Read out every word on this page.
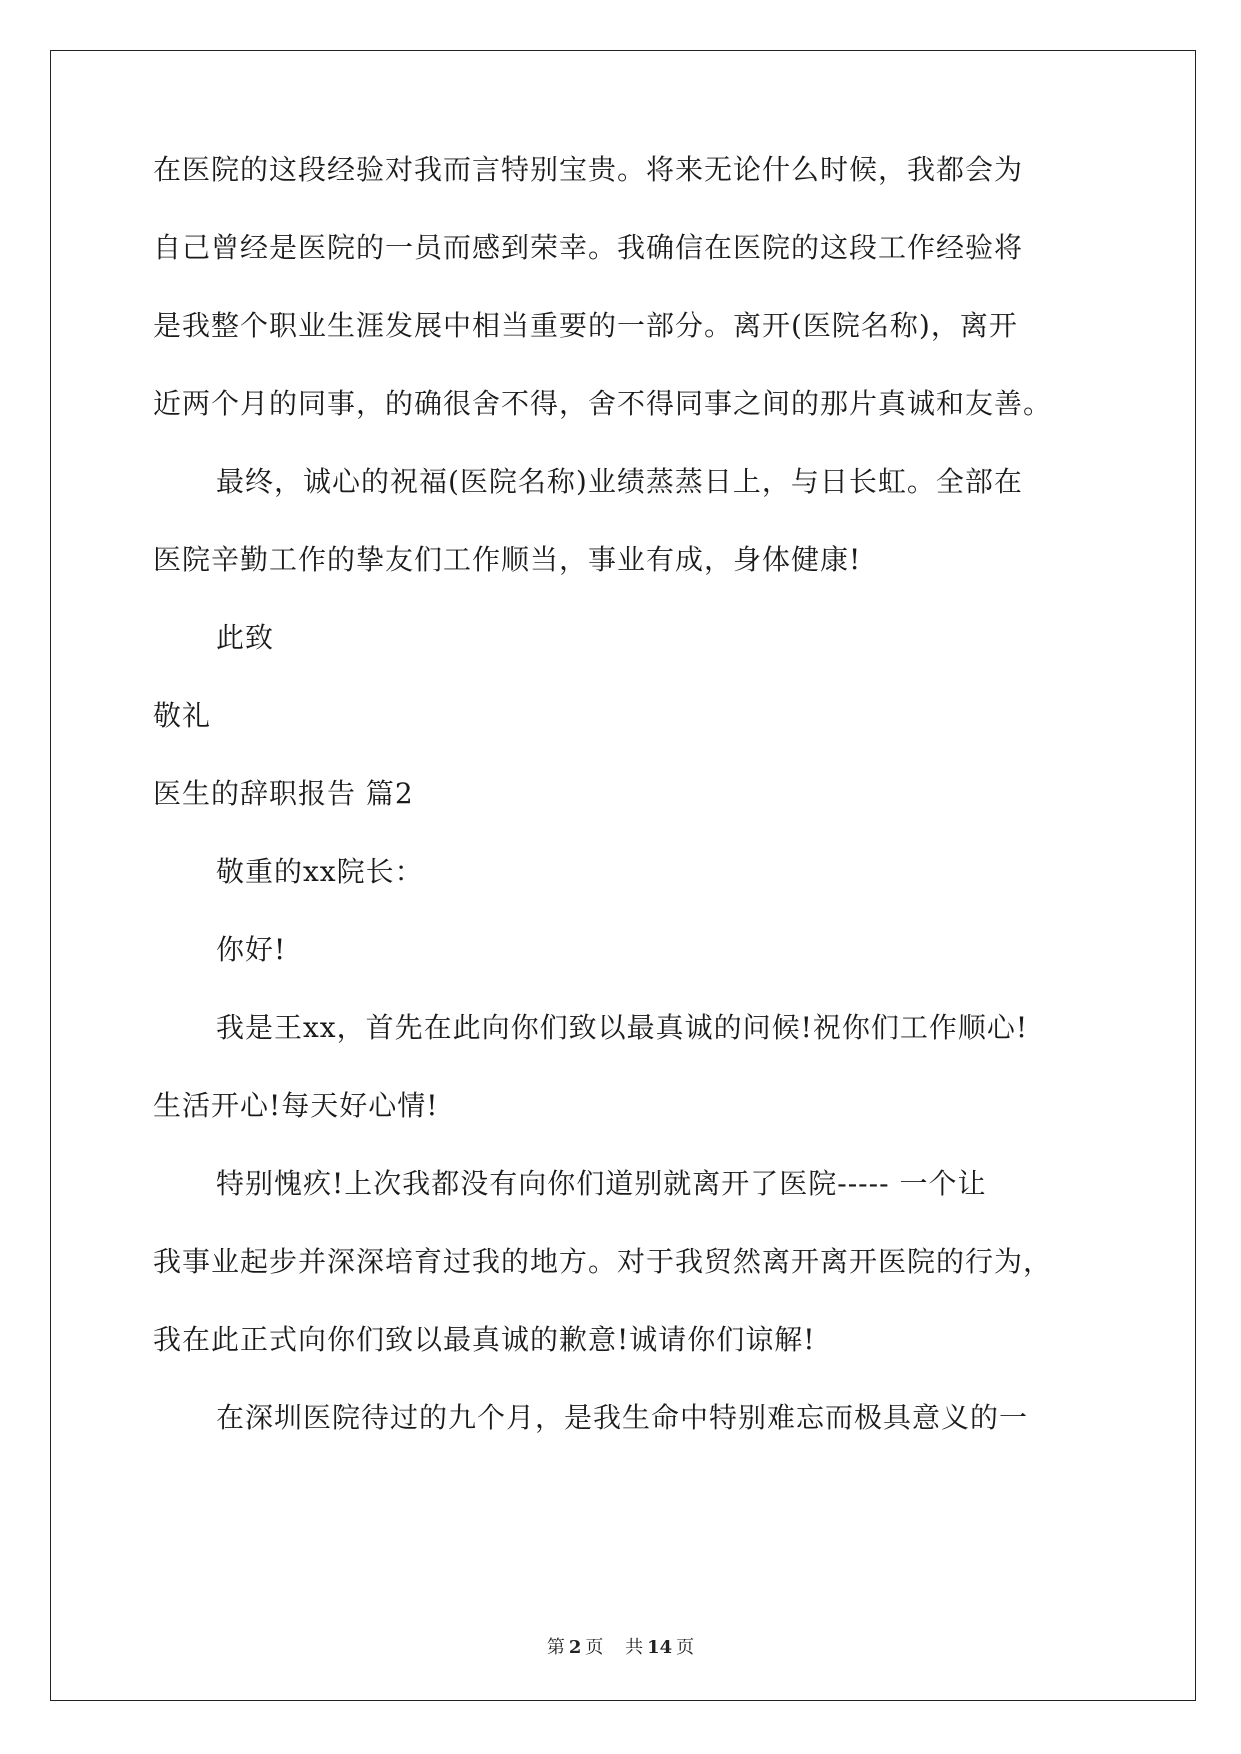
在医院的这段经验对我而言特别宝贵。将来无论什么时候，我都会为
自己曾经是医院的一员而感到荣幸。我确信在医院的这段工作经验将
是我整个职业生涯发展中相当重要的一部分。离开(医院名称)，离开
近两个月的同事，的确很舍不得，舍不得同事之间的那片真诚和友善。
最终，诚心的祝福(医院名称)业绩蒸蒸日上，与日长虹。全部在
医院辛勤工作的挚友们工作顺当，事业有成，身体健康!
此致
敬礼
医生的辞职报告 篇2
敬重的xx院长：
你好!
我是王xx，首先在此向你们致以最真诚的问候!祝你们工作顺心!
生活开心!每天好心情!
特别愧疚!上次我都没有向你们道别就离开了医院----- 一个让
我事业起步并深深培育过我的地方。对于我贸然离开离开医院的行为，
我在此正式向你们致以最真诚的歉意!诚请你们谅解!
在深圳医院待过的九个月，是我生命中特别难忘而极具意义的一
第 2 页 共 14 页
